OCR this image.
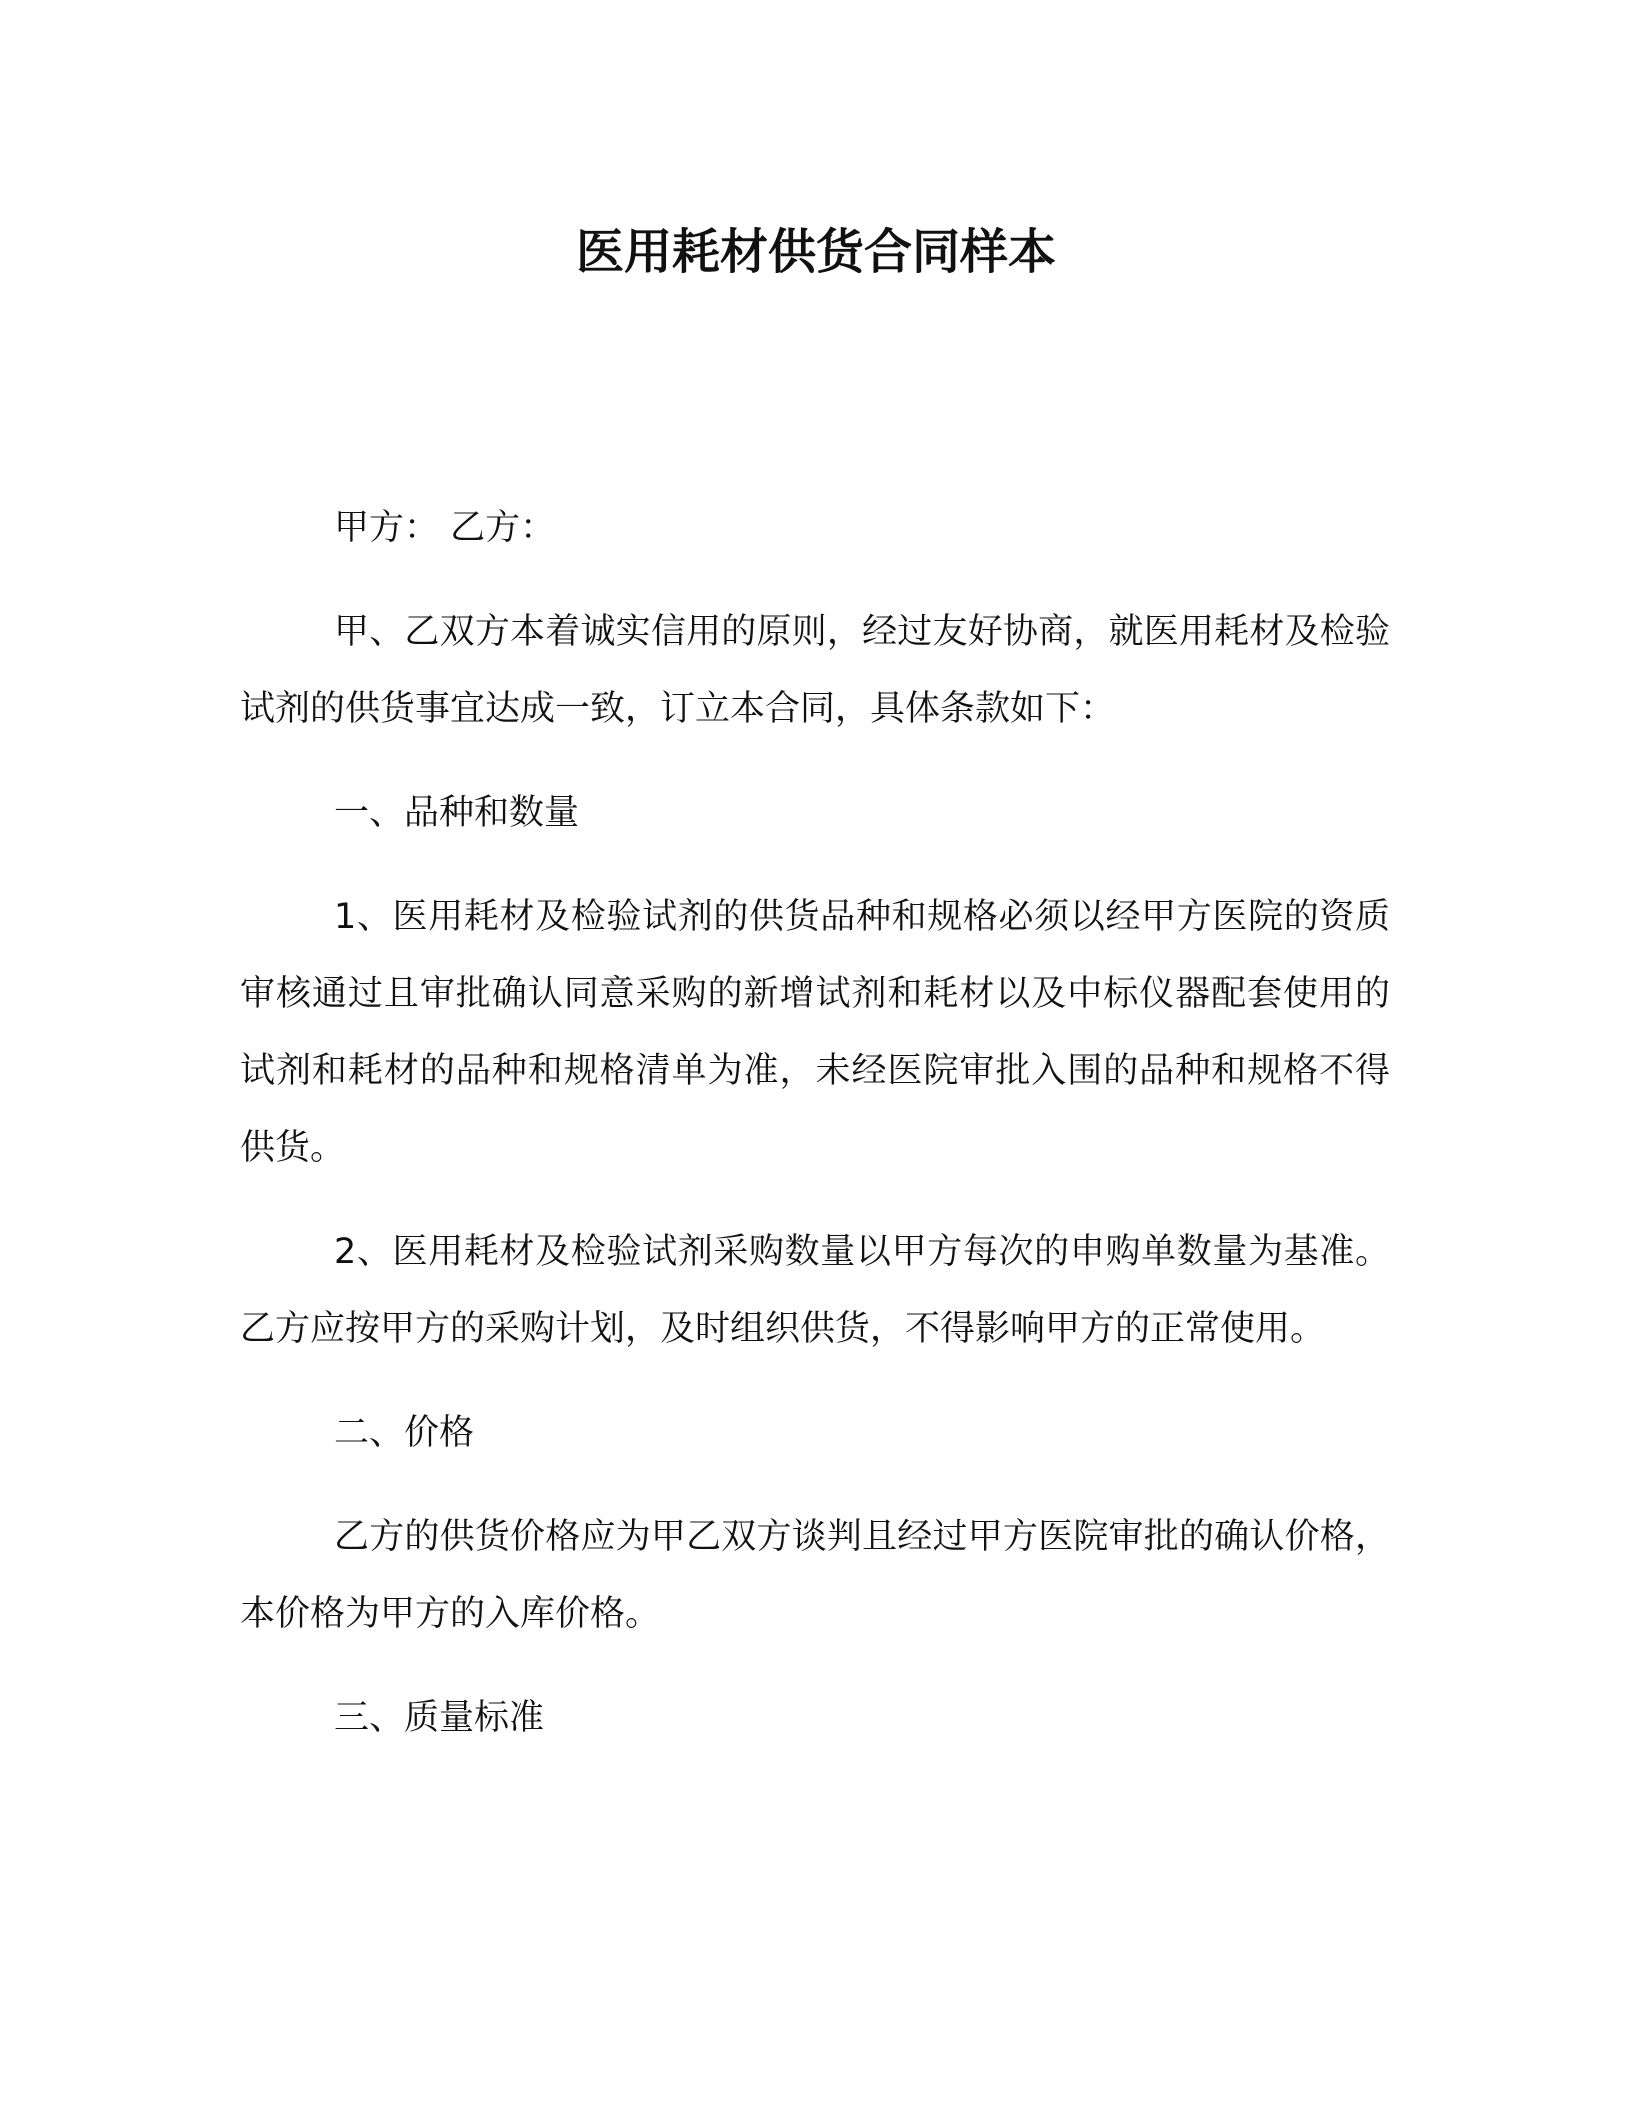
医用耗材供货合同样本

甲方： 乙方：

甲、乙双方本着诚实信用的原则，经过友好协商，就医用耗材及检验试剂的供货事宜达成一致，订立本合同，具体条款如下：

一、品种和数量

1、医用耗材及检验试剂的供货品种和规格必须以经甲方医院的资质审核通过且审批确认同意采购的新增试剂和耗材以及中标仪器配套使用的试剂和耗材的品种和规格清单为准，未经医院审批入围的品种和规格不得供货。

2、医用耗材及检验试剂采购数量以甲方每次的申购单数量为基准。乙方应按甲方的采购计划，及时组织供货，不得影响甲方的正常使用。

二、价格

乙方的供货价格应为甲乙双方谈判且经过甲方医院审批的确认价格，本价格为甲方的入库价格。

三、质量标准
